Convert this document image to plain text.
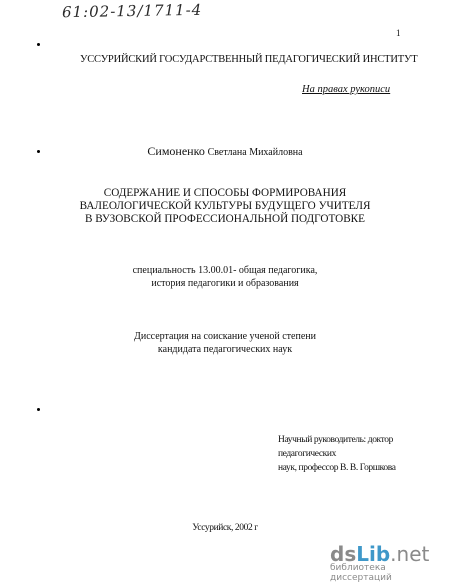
61:02-13/1711-4
1
УССУРИЙСКИЙ ГОСУДАРСТВЕННЫЙ ПЕДАГОГИЧЕСКИЙ ИНСТИТУТ
На правах рукописи
Симоненко Светлана Михайловна
СОДЕРЖАНИЕ И СПОСОБЫ ФОРМИРОВАНИЯ
ВАЛЕОЛОГИЧЕСКОЙ КУЛЬТУРЫ БУДУЩЕГО УЧИТЕЛЯ
В ВУЗОВСКОЙ ПРОФЕССИОНАЛЬНОЙ ПОДГОТОВКЕ
специальность 13.00.01- общая педагогика,
история педагогики и образования
Диссертация на соискание ученой степени
кандидата педагогических наук
Научный руководитель: доктор педагогических
наук, профессор В. В. Горшкова
Уссурийск, 2002 г
dsLib.net
библиотека диссертаций
